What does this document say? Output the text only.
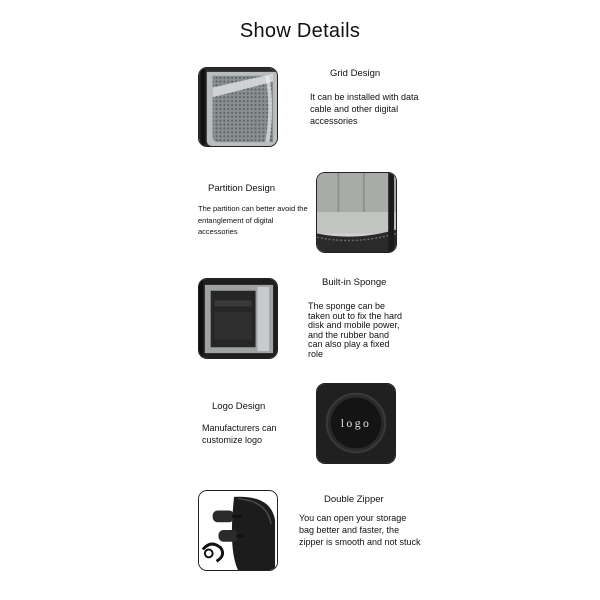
Show Details
Grid Design
It can be installed with data cable and other digital accessories
Partition Design
The partition can better avoid the entanglement of digital accessories
Built-in Sponge
The sponge can be taken out to fix the hard disk and mobile power, and the rubber band can also play a fixed role
Logo Design
Manufacturers can customize logo
logo
Double Zipper
You can open your storage bag better and faster, the zipper is smooth and not stuck
